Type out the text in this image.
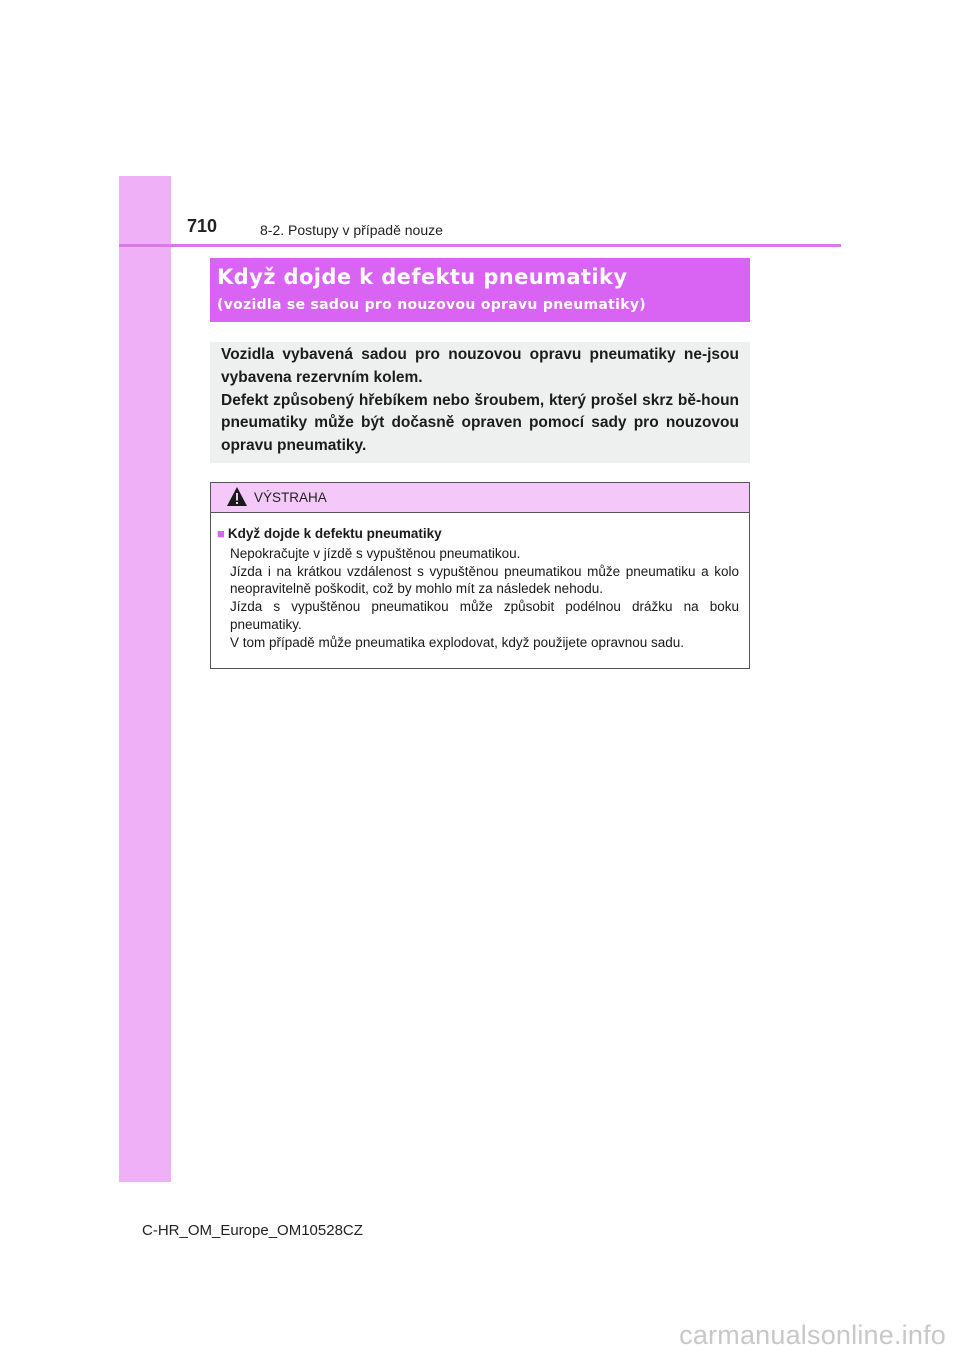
710	8-2. Postupy v případě nouze
Když dojde k defektu pneumatiky
(vozidla se sadou pro nouzovou opravu pneumatiky)

Vozidla vybavená sadou pro nouzovou opravu pneumatiky ne-jsou vybavena rezervním kolem.

Defekt způsobený hřebíkem nebo šroubem, který prošel skrz bě-houn pneumatiky může být dočasně opraven pomocí sady pro nouzovou opravu pneumatiky.

VÝSTRAHA
■ Když dojde k defektu pneumatiky

Nepokračujte v jízdě s vypuštěnou pneumatikou.

Jízda i na krátkou vzdálenost s vypuštěnou pneumatikou může pneumatiku a kolo neopravitelně poškodit, což by mohlo mít za následek nehodu.

Jízda s vypuštěnou pneumatikou může způsobit podélnou drážku na boku pneumatiky.

V tom případě může pneumatika explodovat, když použijete opravnou sadu.

C-HR_OM_Europe_OM10528CZ
carmanualsonline.info
